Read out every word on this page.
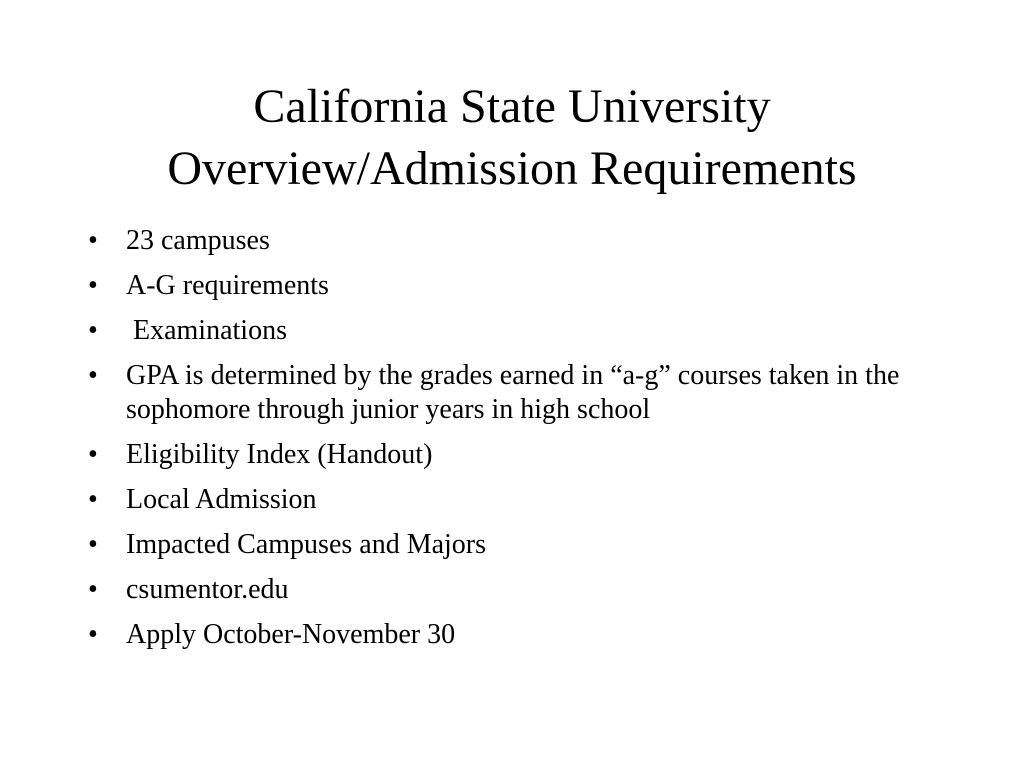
California State University
Overview/Admission Requirements
•	23 campuses
•	A-G requirements
•	Examinations
•	GPA is determined by the grades earned in “a-g” courses taken in the sophomore through junior years in high school
•	Eligibility Index (Handout)
•	Local Admission
•	Impacted Campuses and Majors
•	csumentor.edu
•	Apply October-November 30
